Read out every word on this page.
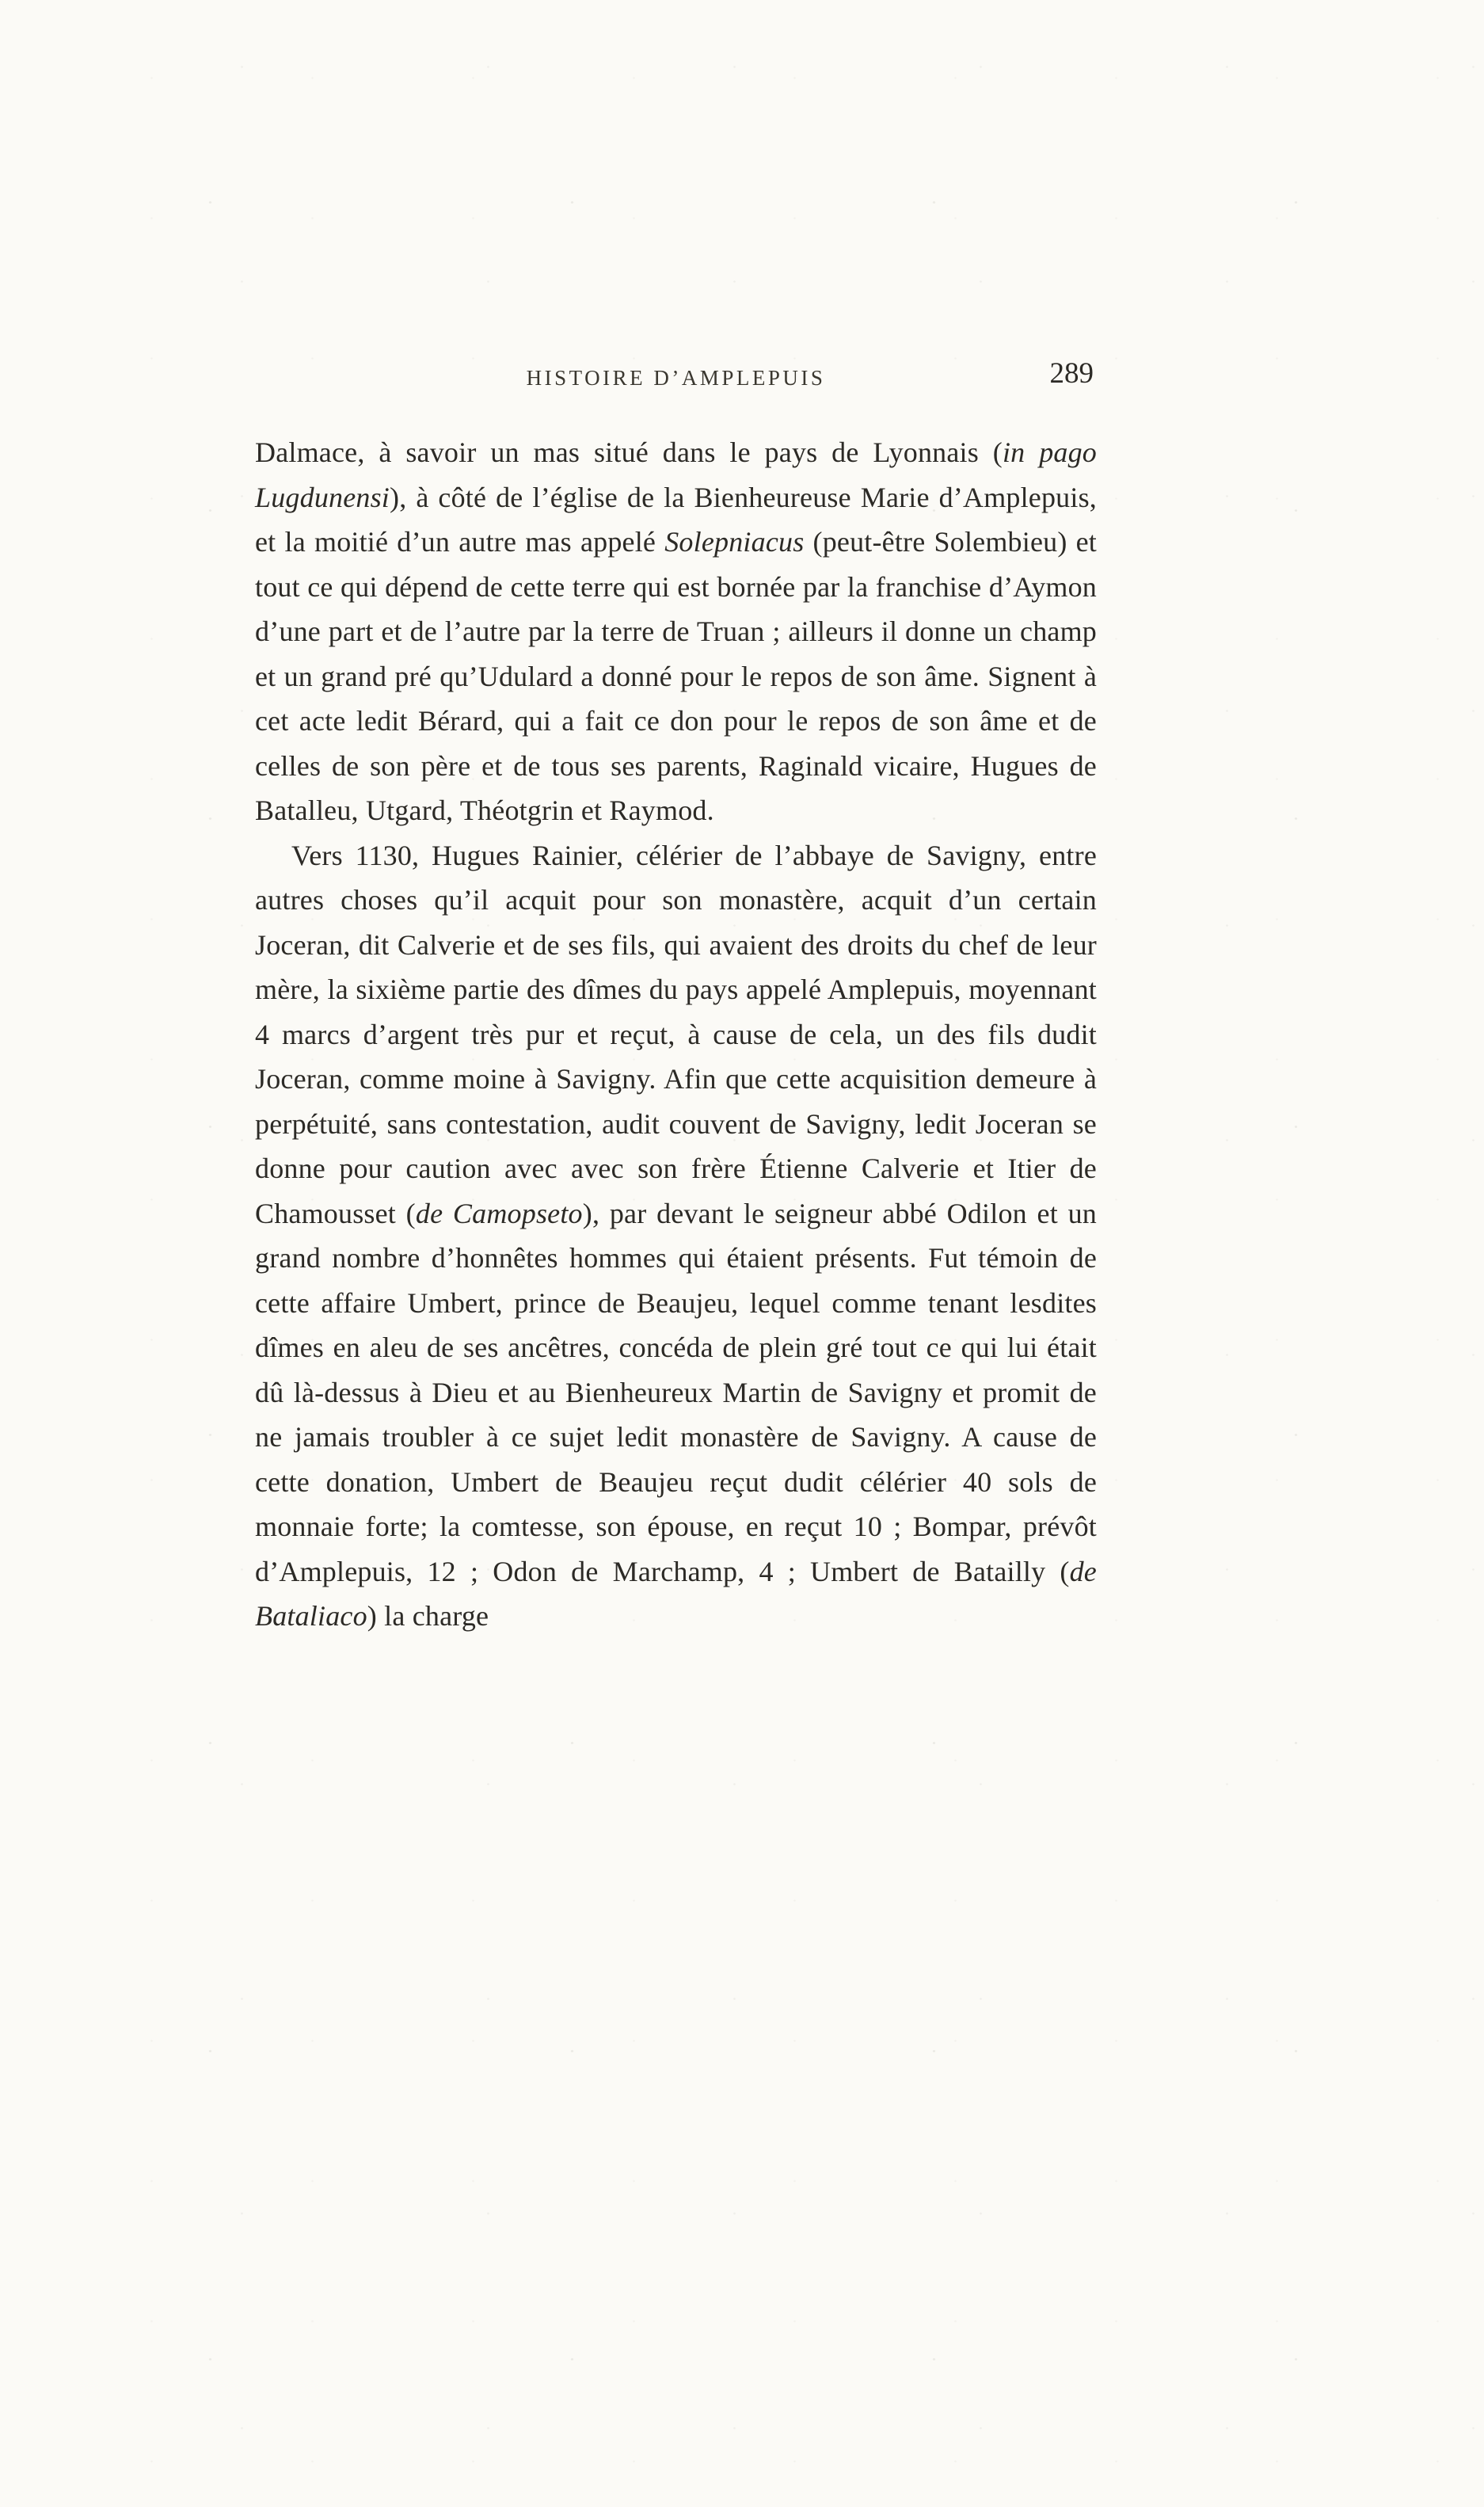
HISTOIRE D’AMPLEPUIS	289

Dalmace, à savoir un mas situé dans le pays de Lyonnais (in pago Lugdunensi), à côté de l’église de la Bienheureuse Marie d’Amplepuis, et la moitié d’un autre mas appelé Solepniacus (peut-être Solembieu) et tout ce qui dépend de cette terre qui est bornée par la franchise d’Aymon d’une part et de l’autre par la terre de Truan ; ailleurs il donne un champ et un grand pré qu’Udulard a donné pour le repos de son âme. Signent à cet acte ledit Bérard, qui a fait ce don pour le repos de son âme et de celles de son père et de tous ses parents, Raginald vicaire, Hugues de Batalleu, Utgard, Théotgrin et Raymod.

Vers 1130, Hugues Rainier, célérier de l’abbaye de Savigny, entre autres choses qu’il acquit pour son monastère, acquit d’un certain Joceran, dit Calverie et de ses fils, qui avaient des droits du chef de leur mère, la sixième partie des dîmes du pays appelé Amplepuis, moyennant 4 marcs d’argent très pur et reçut, à cause de cela, un des fils dudit Joceran, comme moine à Savigny. Afin que cette acquisition demeure à perpétuité, sans contestation, audit couvent de Savigny, ledit Joceran se donne pour caution avec avec son frère Étienne Calverie et Itier de Chamousset (de Camopseto), par devant le seigneur abbé Odilon et un grand nombre d’honnêtes hommes qui étaient présents. Fut témoin de cette affaire Umbert, prince de Beaujeu, lequel comme tenant lesdites dîmes en aleu de ses ancêtres, concéda de plein gré tout ce qui lui était dû là-dessus à Dieu et au Bienheureux Martin de Savigny et promit de ne jamais troubler à ce sujet ledit monastère de Savigny. A cause de cette donation, Umbert de Beaujeu reçut dudit célérier 40 sols de monnaie forte; la comtesse, son épouse, en reçut 10 ; Bompar, prévôt d’Amplepuis, 12 ; Odon de Marchamp, 4 ; Umbert de Batailly (de Bataliaco) la charge
